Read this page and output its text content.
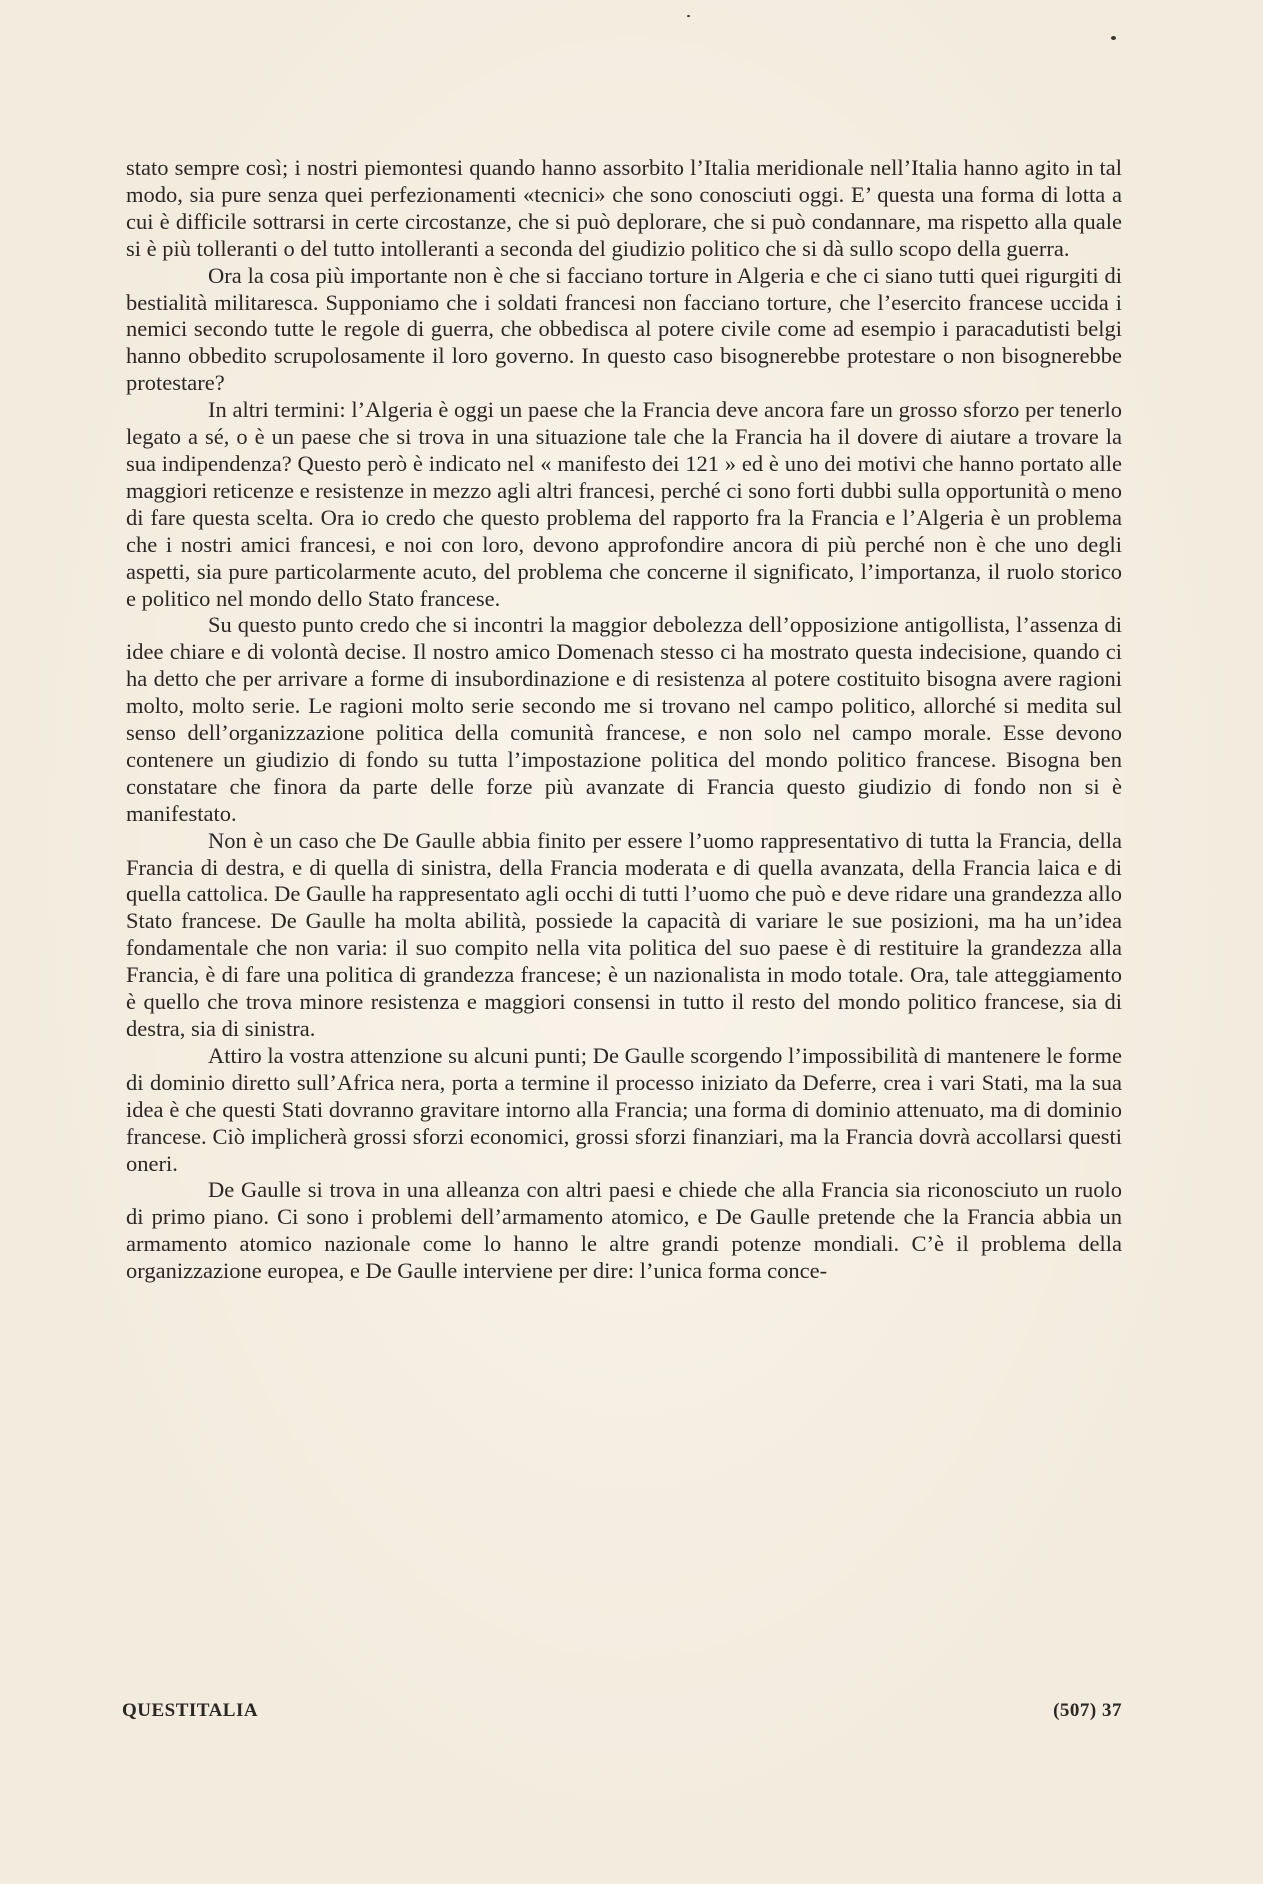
stato sempre così; i nostri piemontesi quando hanno assorbito l’Italia meridionale nell’Italia hanno agito in tal modo, sia pure senza quei perfezionamenti «tecnici» che sono conosciuti oggi. E’ questa una forma di lotta a cui è difficile sottrarsi in certe circostanze, che si può deplorare, che si può condannare, ma rispetto alla quale si è più tolleranti o del tutto intolleranti a seconda del giudizio politico che si dà sullo scopo della guerra.

Ora la cosa più importante non è che si facciano torture in Algeria e che ci siano tutti quei rigurgiti di bestialità militaresca. Supponiamo che i soldati francesi non facciano torture, che l’esercito francese uccida i nemici secondo tutte le regole di guerra, che obbedisca al potere civile come ad esempio i paracadutisti belgi hanno obbedito scrupolosamente il loro governo. In questo caso bisognerebbe protestare o non bisognerebbe protestare?

In altri termini: l’Algeria è oggi un paese che la Francia deve ancora fare un grosso sforzo per tenerlo legato a sé, o è un paese che si trova in una situazione tale che la Francia ha il dovere di aiutare a trovare la sua indipendenza? Questo però è indicato nel « manifesto dei 121 » ed è uno dei motivi che hanno portato alle maggiori reticenze e resistenze in mezzo agli altri francesi, perché ci sono forti dubbi sulla opportunità o meno di fare questa scelta. Ora io credo che questo problema del rapporto fra la Francia e l’Algeria è un problema che i nostri amici francesi, e noi con loro, devono approfondire ancora di più perché non è che uno degli aspetti, sia pure particolarmente acuto, del problema che concerne il significato, l’importanza, il ruolo storico e politico nel mondo dello Stato francese.

Su questo punto credo che si incontri la maggior debolezza dell’opposizione antigollista, l’assenza di idee chiare e di volontà decise. Il nostro amico Domenach stesso ci ha mostrato questa indecisione, quando ci ha detto che per arrivare a forme di insubordinazione e di resistenza al potere costituito bisogna avere ragioni molto, molto serie. Le ragioni molto serie secondo me si trovano nel campo politico, allorché si medita sul senso dell’organizzazione politica della comunità francese, e non solo nel campo morale. Esse devono contenere un giudizio di fondo su tutta l’impostazione politica del mondo politico francese. Bisogna ben constatare che finora da parte delle forze più avanzate di Francia questo giudizio di fondo non si è manifestato.

Non è un caso che De Gaulle abbia finito per essere l’uomo rappresentativo di tutta la Francia, della Francia di destra, e di quella di sinistra, della Francia moderata e di quella avanzata, della Francia laica e di quella cattolica. De Gaulle ha rappresentato agli occhi di tutti l’uomo che può e deve ridare una grandezza allo Stato francese. De Gaulle ha molta abilità, possiede la capacità di variare le sue posizioni, ma ha un’idea fondamentale che non varia: il suo compito nella vita politica del suo paese è di restituire la grandezza alla Francia, è di fare una politica di grandezza francese; è un nazionalista in modo totale. Ora, tale atteggiamento è quello che trova minore resistenza e maggiori consensi in tutto il resto del mondo politico francese, sia di destra, sia di sinistra.

Attiro la vostra attenzione su alcuni punti; De Gaulle scorgendo l’impossibilità di mantenere le forme di dominio diretto sull’Africa nera, porta a termine il processo iniziato da Deferre, crea i vari Stati, ma la sua idea è che questi Stati dovranno gravitare intorno alla Francia; una forma di dominio attenuato, ma di dominio francese. Ciò implicherà grossi sforzi economici, grossi sforzi finanziari, ma la Francia dovrà accollarsi questi oneri.

De Gaulle si trova in una alleanza con altri paesi e chiede che alla Francia sia riconosciuto un ruolo di primo piano. Ci sono i problemi dell’armamento atomico, e De Gaulle pretende che la Francia abbia un armamento atomico nazionale come lo hanno le altre grandi potenze mondiali. C’è il problema della organizzazione europea, e De Gaulle interviene per dire: l’unica forma conce-

QUESTITALIA	(507) 37
